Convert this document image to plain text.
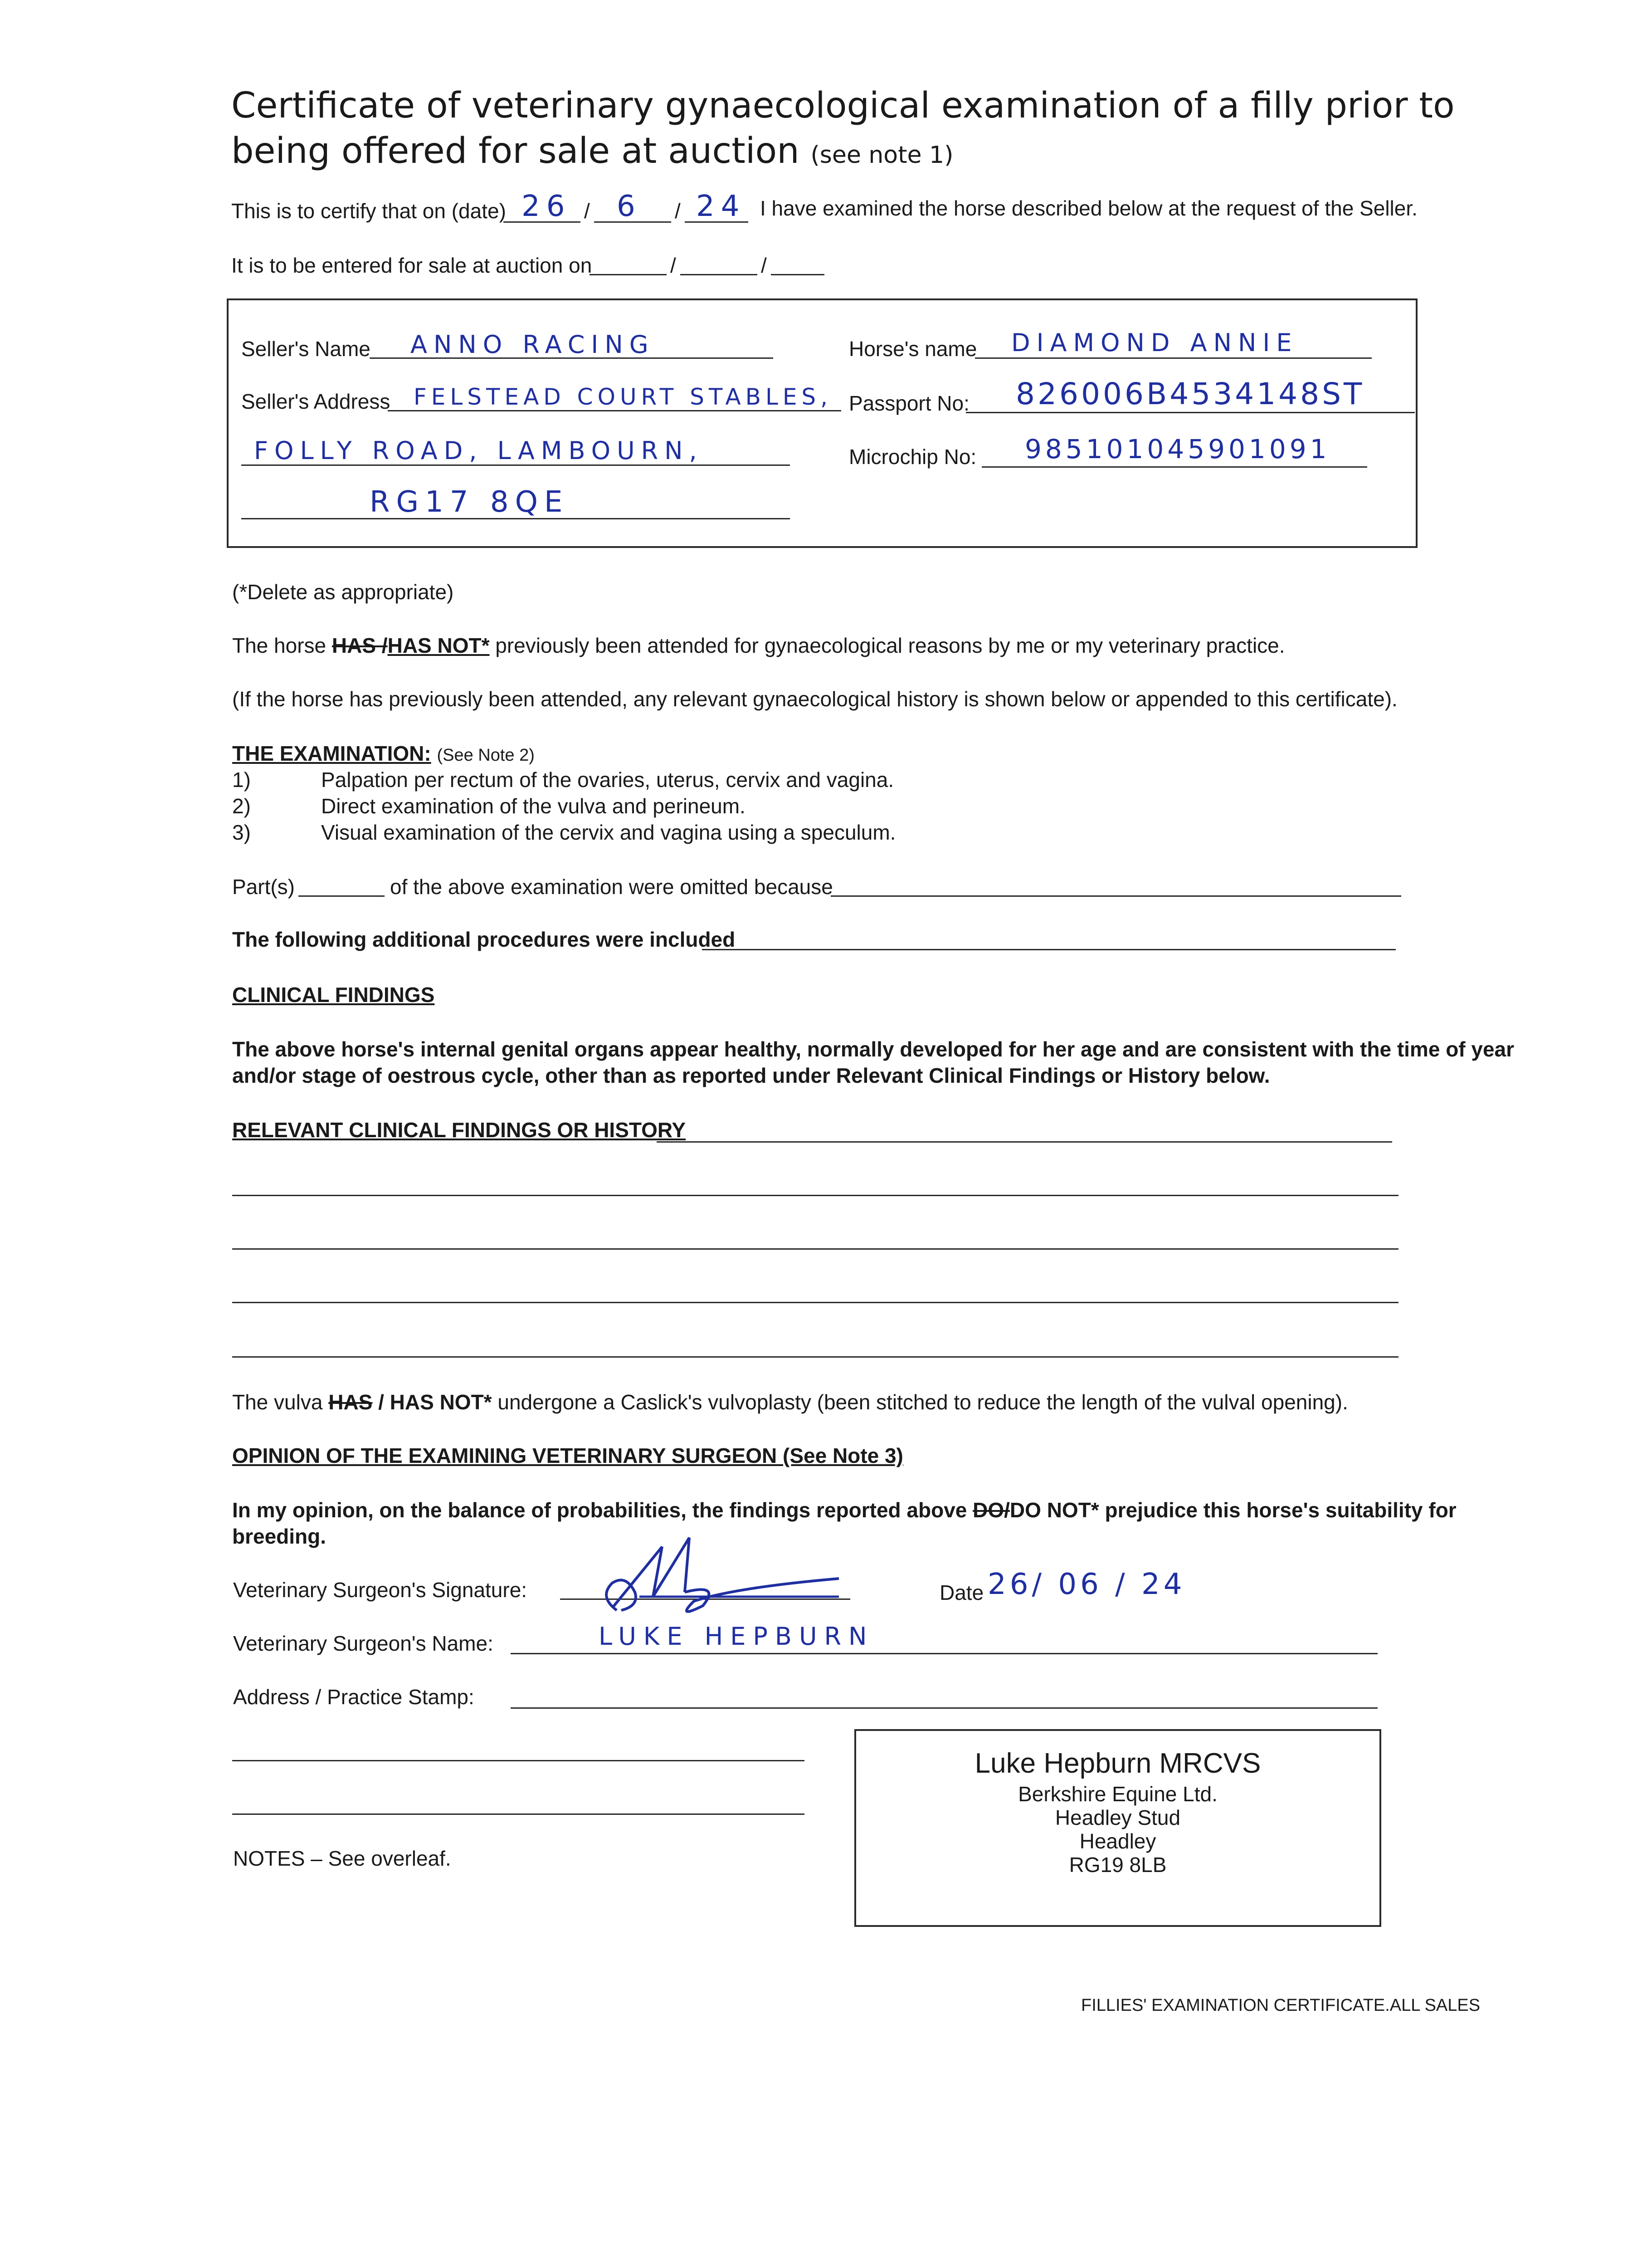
Certificate of veterinary gynaecological examination of a filly prior to
being offered for sale at auction (see note 1)
This is to certify that on (date) 26 / 6 / 24 I have examined the horse described below at the request of the Seller.
It is to be entered for sale at auction on	/	/
Seller's Name ANNO RACING
Seller's Address FELSTEAD COURT STABLES,
FOLLY ROAD, LAMBOURN,
RG17 8QE
Horse's name DIAMOND ANNIE
Passport No: 826006B4534148ST
Microchip No: 985101045901091
(*Delete as appropriate)
The horse HAS /HAS NOT* previously been attended for gynaecological reasons by me or my veterinary practice.
(If the horse has previously been attended, any relevant gynaecological history is shown below or appended to this certificate).
THE EXAMINATION: (See Note 2)
1)	Palpation per rectum of the ovaries, uterus, cervix and vagina.
2)	Direct examination of the vulva and perineum.
3)	Visual examination of the cervix and vagina using a speculum.
Part(s)	of the above examination were omitted because
The following additional procedures were included
CLINICAL FINDINGS
The above horse's internal genital organs appear healthy, normally developed for her age and are consistent with the time of year
and/or stage of oestrous cycle, other than as reported under Relevant Clinical Findings or History below.
RELEVANT CLINICAL FINDINGS OR HISTORY
The vulva HAS / HAS NOT* undergone a Caslick's vulvoplasty (been stitched to reduce the length of the vulval opening).
OPINION OF THE EXAMINING VETERINARY SURGEON (See Note 3)
In my opinion, on the balance of probabilities, the findings reported above DO/DO NOT* prejudice this horse's suitability for
breeding.
Veterinary Surgeon's Signature:	Date 26/ 06 / 24
Veterinary Surgeon's Name:	LUKE HEPBURN
Address / Practice Stamp:
Luke Hepburn MRCVS
Berkshire Equine Ltd.
Headley Stud
Headley
RG19 8LB
NOTES – See overleaf.
FILLIES' EXAMINATION CERTIFICATE.ALL SALES
